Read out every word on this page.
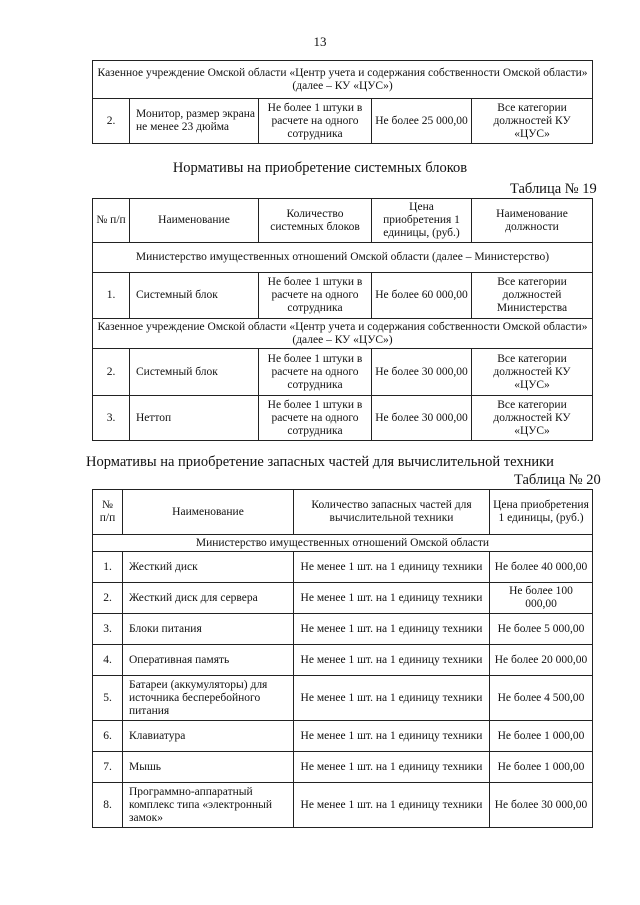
13
Казенное учреждение Омской области «Центр учета и содержания собственности Омской области» (далее – КУ «ЦУС»)
2.	Монитор, размер экрана не менее 23 дюйма	Не более 1 штуки в расчете на одного сотрудника	Не более 25 000,00	Все категории должностей КУ «ЦУС»
Нормативы на приобретение системных блоков
Таблица № 19
№ п/п	Наименование	Количество системных блоков	Цена приобретения 1 единицы, (руб.)	Наименование должности
Министерство имущественных отношений Омской области (далее – Министерство)				
1.	Системный блок	Не более 1 штуки в расчете на одного сотрудника	Не более 60 000,00	Все категории должностей Министерства
Казенное учреждение Омской области «Центр учета и содержания собственности Омской области» (далее – КУ «ЦУС»)				
2.	Системный блок	Не более 1 штуки в расчете на одного сотрудника	Не более 30 000,00	Все категории должностей КУ «ЦУС»
3.	Неттоп	Не более 1 штуки в расчете на одного сотрудника	Не более 30 000,00	Все категории должностей КУ «ЦУС»
Нормативы на приобретение запасных частей для вычислительной техники
Таблица № 20
№ п/п	Наименование	Количество запасных частей для вычислительной техники	Цена приобретения 1 единицы, (руб.)
Министерство имущественных отношений Омской области			
1.	Жесткий диск	Не менее 1 шт. на 1 единицу техники	Не более 40 000,00
2.	Жесткий диск для сервера	Не менее 1 шт. на 1 единицу техники	Не более 100 000,00
3.	Блоки питания	Не менее 1 шт. на 1 единицу техники	Не более 5 000,00
4.	Оперативная память	Не менее 1 шт. на 1 единицу техники	Не более 20 000,00
5.	Батареи (аккумуляторы) для источника бесперебойного питания	Не менее 1 шт. на 1 единицу техники	Не более 4 500,00
6.	Клавиатура	Не менее 1 шт. на 1 единицу техники	Не более 1 000,00
7.	Мышь	Не менее 1 шт. на 1 единицу техники	Не более 1 000,00
8.	Программно-аппаратный комплекс типа «электронный замок»	Не менее 1 шт. на 1 единицу техники	Не более 30 000,00
